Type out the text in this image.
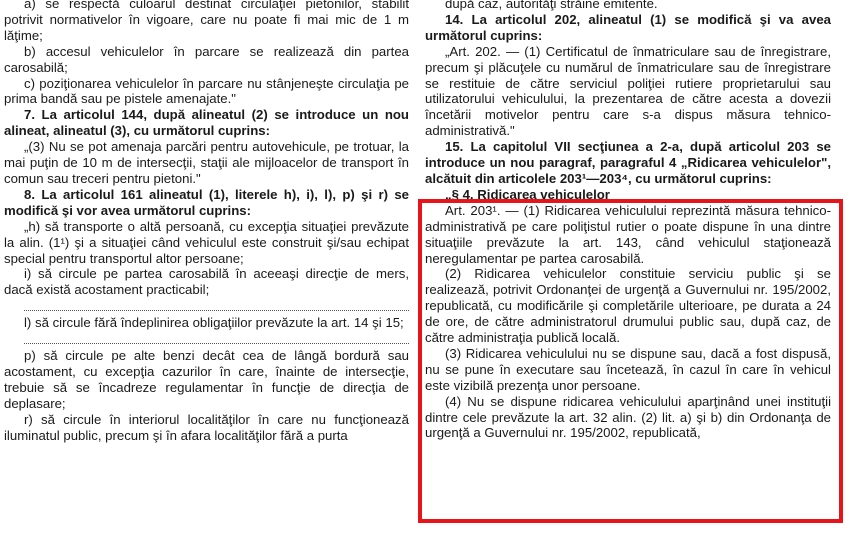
a) se respectă culoarul destinat circulaţiei pietonilor, stabilit potrivit normativelor în vigoare, care nu poate fi mai mic de 1 m lăţime;

b) accesul vehiculelor în parcare se realizează din partea carosabilă;

c) poziţionarea vehiculelor în parcare nu stânjeneşte circulaţia pe prima bandă sau pe pistele amenajate."

7. La articolul 144, după alineatul (2) se introduce un nou alineat, alineatul (3), cu următorul cuprins:

„(3) Nu se pot amenaja parcări pentru autovehicule, pe trotuar, la mai puţin de 10 m de intersecţii, staţii ale mijloacelor de transport în comun sau treceri pentru pietoni."

8. La articolul 161 alineatul (1), literele h), i), l), p) şi r) se modifică şi vor avea următorul cuprins:

„h) să transporte o altă persoană, cu excepţia situaţiei prevăzute la alin. (1¹) şi a situaţiei când vehiculul este construit şi/sau echipat special pentru transportul altor persoane;

i) să circule pe partea carosabilă în aceeaşi direcţie de mers, dacă există acostament practicabil;

l) să circule fără îndeplinirea obligaţiilor prevăzute la art. 14 şi 15;

p) să circule pe alte benzi decât cea de lângă bordură sau acostament, cu excepţia cazurilor în care, înainte de intersecţie, trebuie să se încadreze regulamentar în funcţie de direcţia de deplasare;

r) să circule în interiorul localităţilor în care nu funcţionează iluminatul public, precum şi în afara localităţilor fără a purta

după caz, autorităţi străine emitente.

14. La articolul 202, alineatul (1) se modifică şi va avea următorul cuprins:

„Art. 202. — (1) Certificatul de înmatriculare sau de înregistrare, precum şi plăcuţele cu numărul de înmatriculare sau de înregistrare se restituie de către serviciul poliţiei rutiere proprietarului sau utilizatorului vehiculului, la prezentarea de către acesta a dovezii încetării motivelor pentru care s-a dispus măsura tehnico-administrativă."

15. La capitolul VII secţiunea a 2-a, după articolul 203 se introduce un nou paragraf, paragraful 4 „Ridicarea vehiculelor", alcătuit din articolele 203¹—203⁴, cu următorul cuprins:

„§ 4. Ridicarea vehiculelor

Art. 203¹. — (1) Ridicarea vehiculului reprezintă măsura tehnico-administrativă pe care poliţistul rutier o poate dispune în una dintre situaţiile prevăzute la art. 143, când vehiculul staţionează neregulamentar pe partea carosabilă.

(2) Ridicarea vehiculelor constituie serviciu public şi se realizează, potrivit Ordonanţei de urgenţă a Guvernului nr. 195/2002, republicată, cu modificările şi completările ulterioare, pe durata a 24 de ore, de către administratorul drumului public sau, după caz, de către administraţia publică locală.

(3) Ridicarea vehiculului nu se dispune sau, dacă a fost dispusă, nu se pune în executare sau încetează, în cazul în care în vehicul este vizibilă prezenţa unor persoane.

(4) Nu se dispune ridicarea vehiculului aparţinând unei instituţii dintre cele prevăzute la art. 32 alin. (2) lit. a) şi b) din Ordonanţa de urgenţă a Guvernului nr. 195/2002, republicată,
